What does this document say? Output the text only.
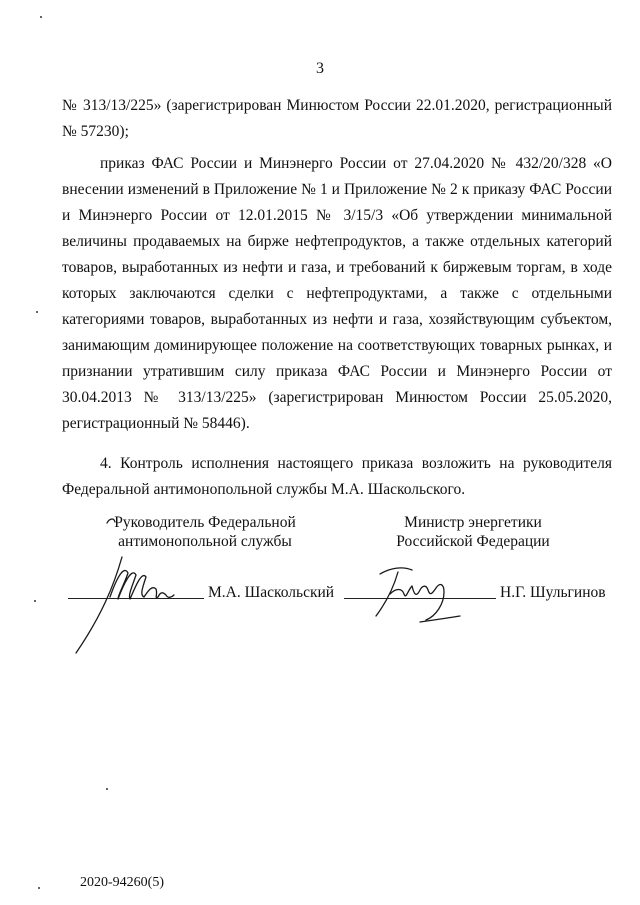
3

№ 313/13/225» (зарегистрирован Минюстом России 22.01.2020, регистрационный № 57230);

приказ ФАС России и Минэнерго России от 27.04.2020 № 432/20/328 «О внесении изменений в Приложение № 1 и Приложение № 2 к приказу ФАС России и Минэнерго России от 12.01.2015 № 3/15/3 «Об утверждении минимальной величины продаваемых на бирже нефтепродуктов, а также отдельных категорий товаров, выработанных из нефти и газа, и требований к биржевым торгам, в ходе которых заключаются сделки с нефтепродуктами, а также с отдельными категориями товаров, выработанных из нефти и газа, хозяйствующим субъектом, занимающим доминирующее положение на соответствующих товарных рынках, и признании утратившим силу приказа ФАС России и Минэнерго России от 30.04.2013 № 313/13/225» (зарегистрирован Минюстом России 25.05.2020, регистрационный № 58446).

4. Контроль исполнения настоящего приказа возложить на руководителя Федеральной антимонопольной службы М.А. Шаскольского.

Руководитель Федеральной
антимонопольной службы
М.А. Шаскольский
Министр энергетики
Российской Федерации
Н.Г. Шульгинов
2020-94260(5)
